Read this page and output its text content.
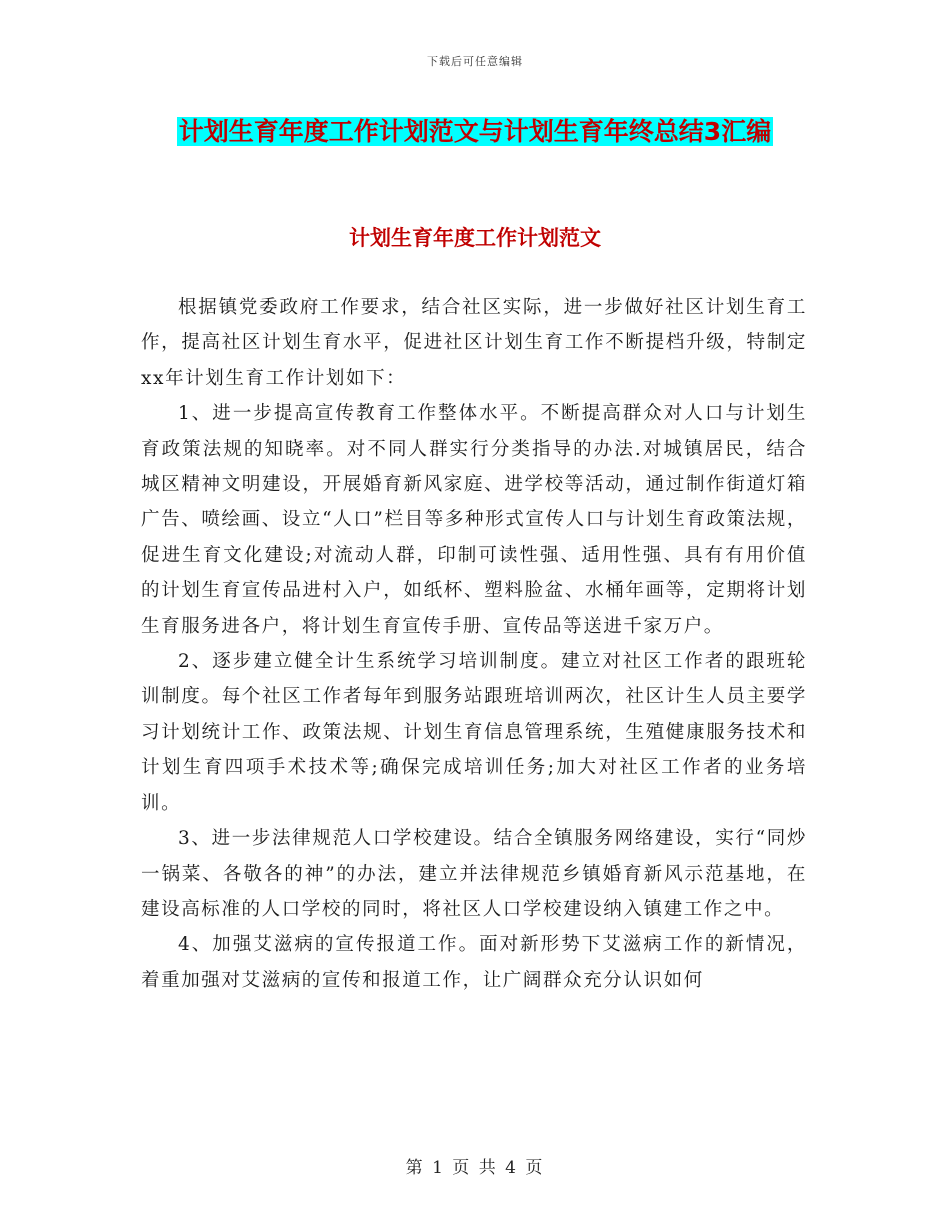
下载后可任意编辑
计划生育年度工作计划范文与计划生育年终总结3汇编
计划生育年度工作计划范文

根据镇党委政府工作要求，结合社区实际，进一步做好社区计划生育工作，提高社区计划生育水平，促进社区计划生育工作不断提档升级，特制定xx年计划生育工作计划如下：

1、进一步提高宣传教育工作整体水平。不断提高群众对人口与计划生育政策法规的知晓率。对不同人群实行分类指导的办法.对城镇居民，结合城区精神文明建设，开展婚育新风家庭、进学校等活动，通过制作街道灯箱广告、喷绘画、设立“人口”栏目等多种形式宣传人口与计划生育政策法规，促进生育文化建设;对流动人群，印制可读性强、适用性强、具有有用价值的计划生育宣传品进村入户，如纸杯、塑料脸盆、水桶年画等，定期将计划生育服务进各户，将计划生育宣传手册、宣传品等送进千家万户。

2、逐步建立健全计生系统学习培训制度。建立对社区工作者的跟班轮训制度。每个社区工作者每年到服务站跟班培训两次，社区计生人员主要学习计划统计工作、政策法规、计划生育信息管理系统，生殖健康服务技术和计划生育四项手术技术等;确保完成培训任务;加大对社区工作者的业务培训。

3、进一步法律规范人口学校建设。结合全镇服务网络建设，实行“同炒一锅菜、各敬各的神”的办法，建立并法律规范乡镇婚育新风示范基地，在建设高标准的人口学校的同时，将社区人口学校建设纳入镇建工作之中。

4、加强艾滋病的宣传报道工作。面对新形势下艾滋病工作的新情况，着重加强对艾滋病的宣传和报道工作，让广阔群众充分认识如何

第 1 页 共 4 页
